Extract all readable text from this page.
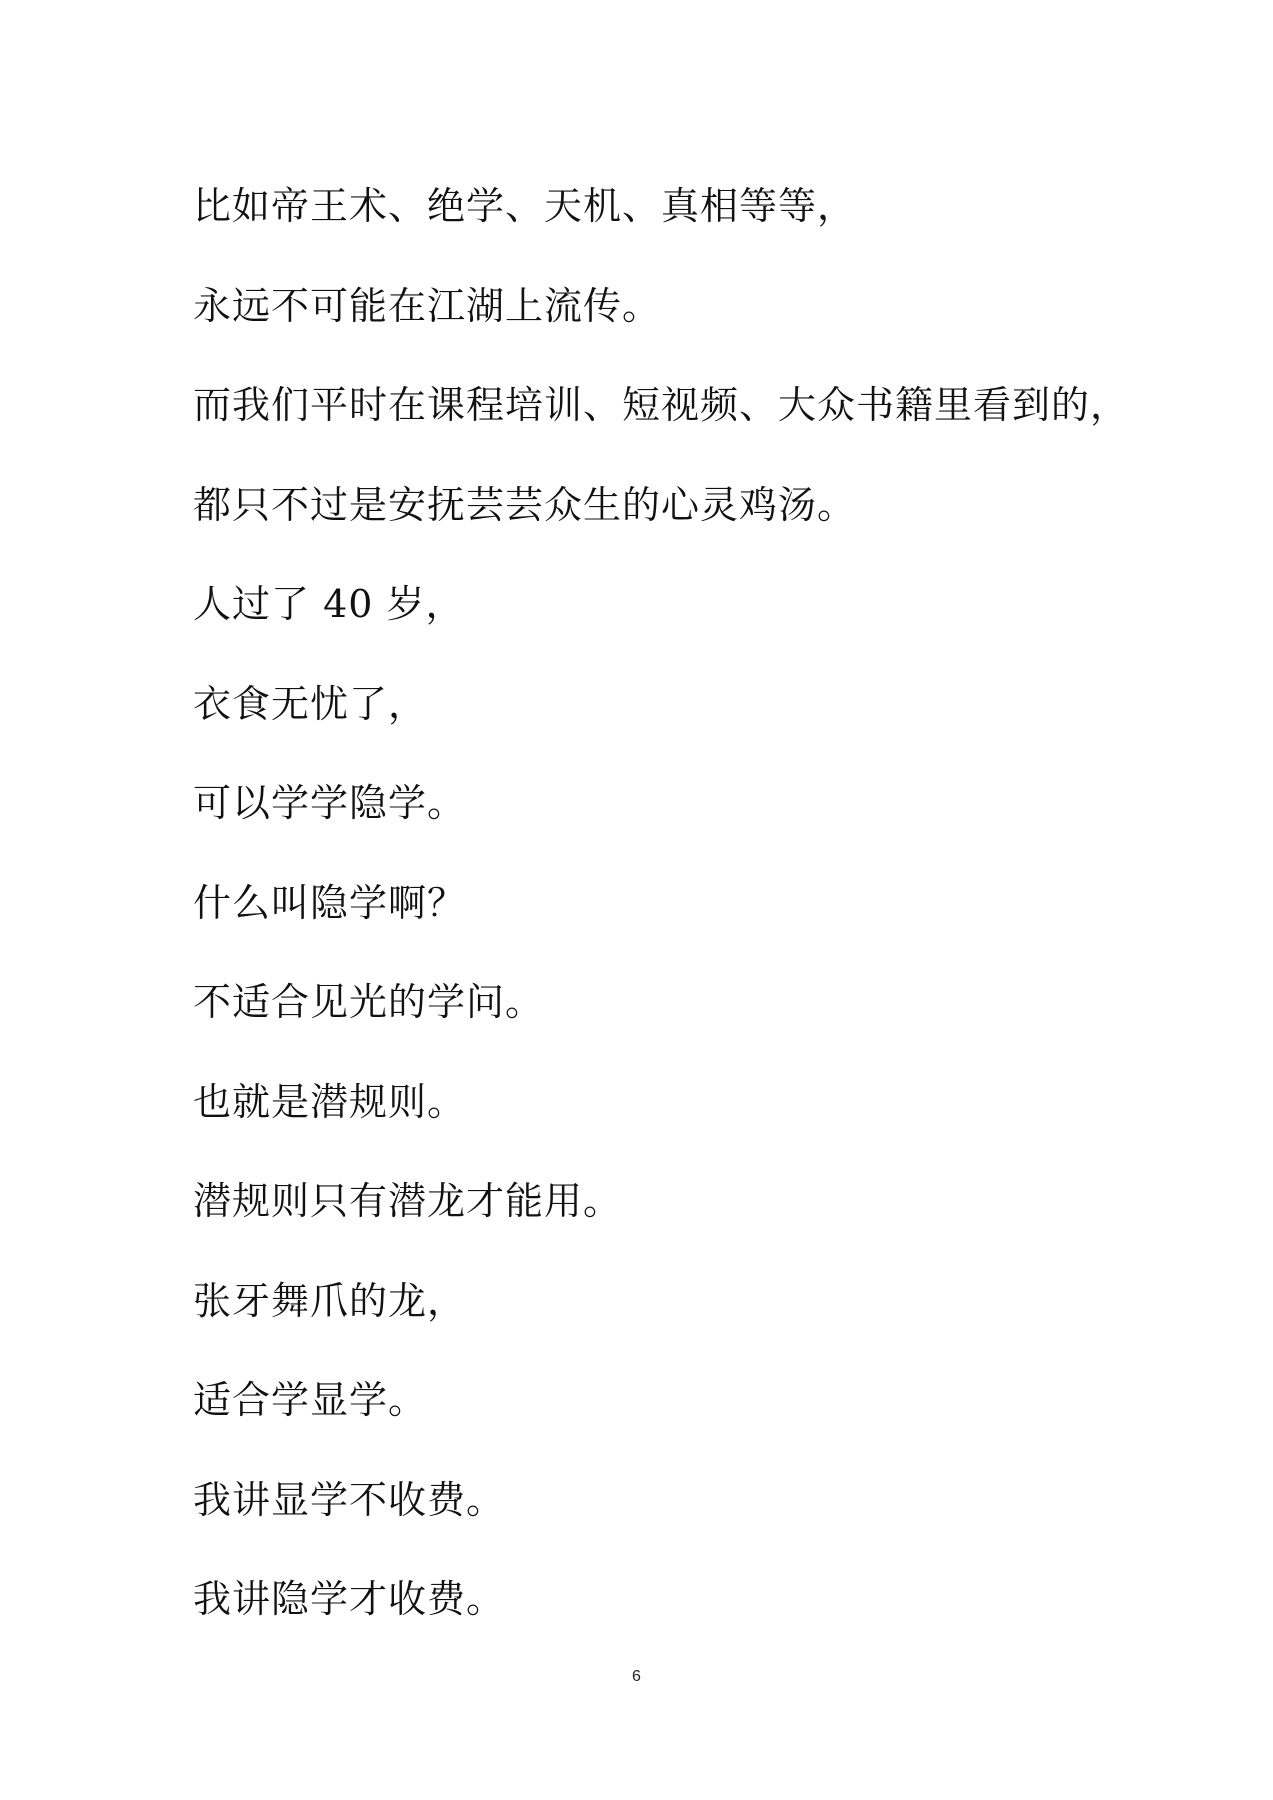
比如帝王术、绝学、天机、真相等等，
永远不可能在江湖上流传。
而我们平时在课程培训、短视频、大众书籍里看到的，
都只不过是安抚芸芸众生的心灵鸡汤。
人过了 40 岁，
衣食无忧了，
可以学学隐学。
什么叫隐学啊？
不适合见光的学问。
也就是潜规则。
潜规则只有潜龙才能用。
张牙舞爪的龙，
适合学显学。
我讲显学不收费。
我讲隐学才收费。
6
